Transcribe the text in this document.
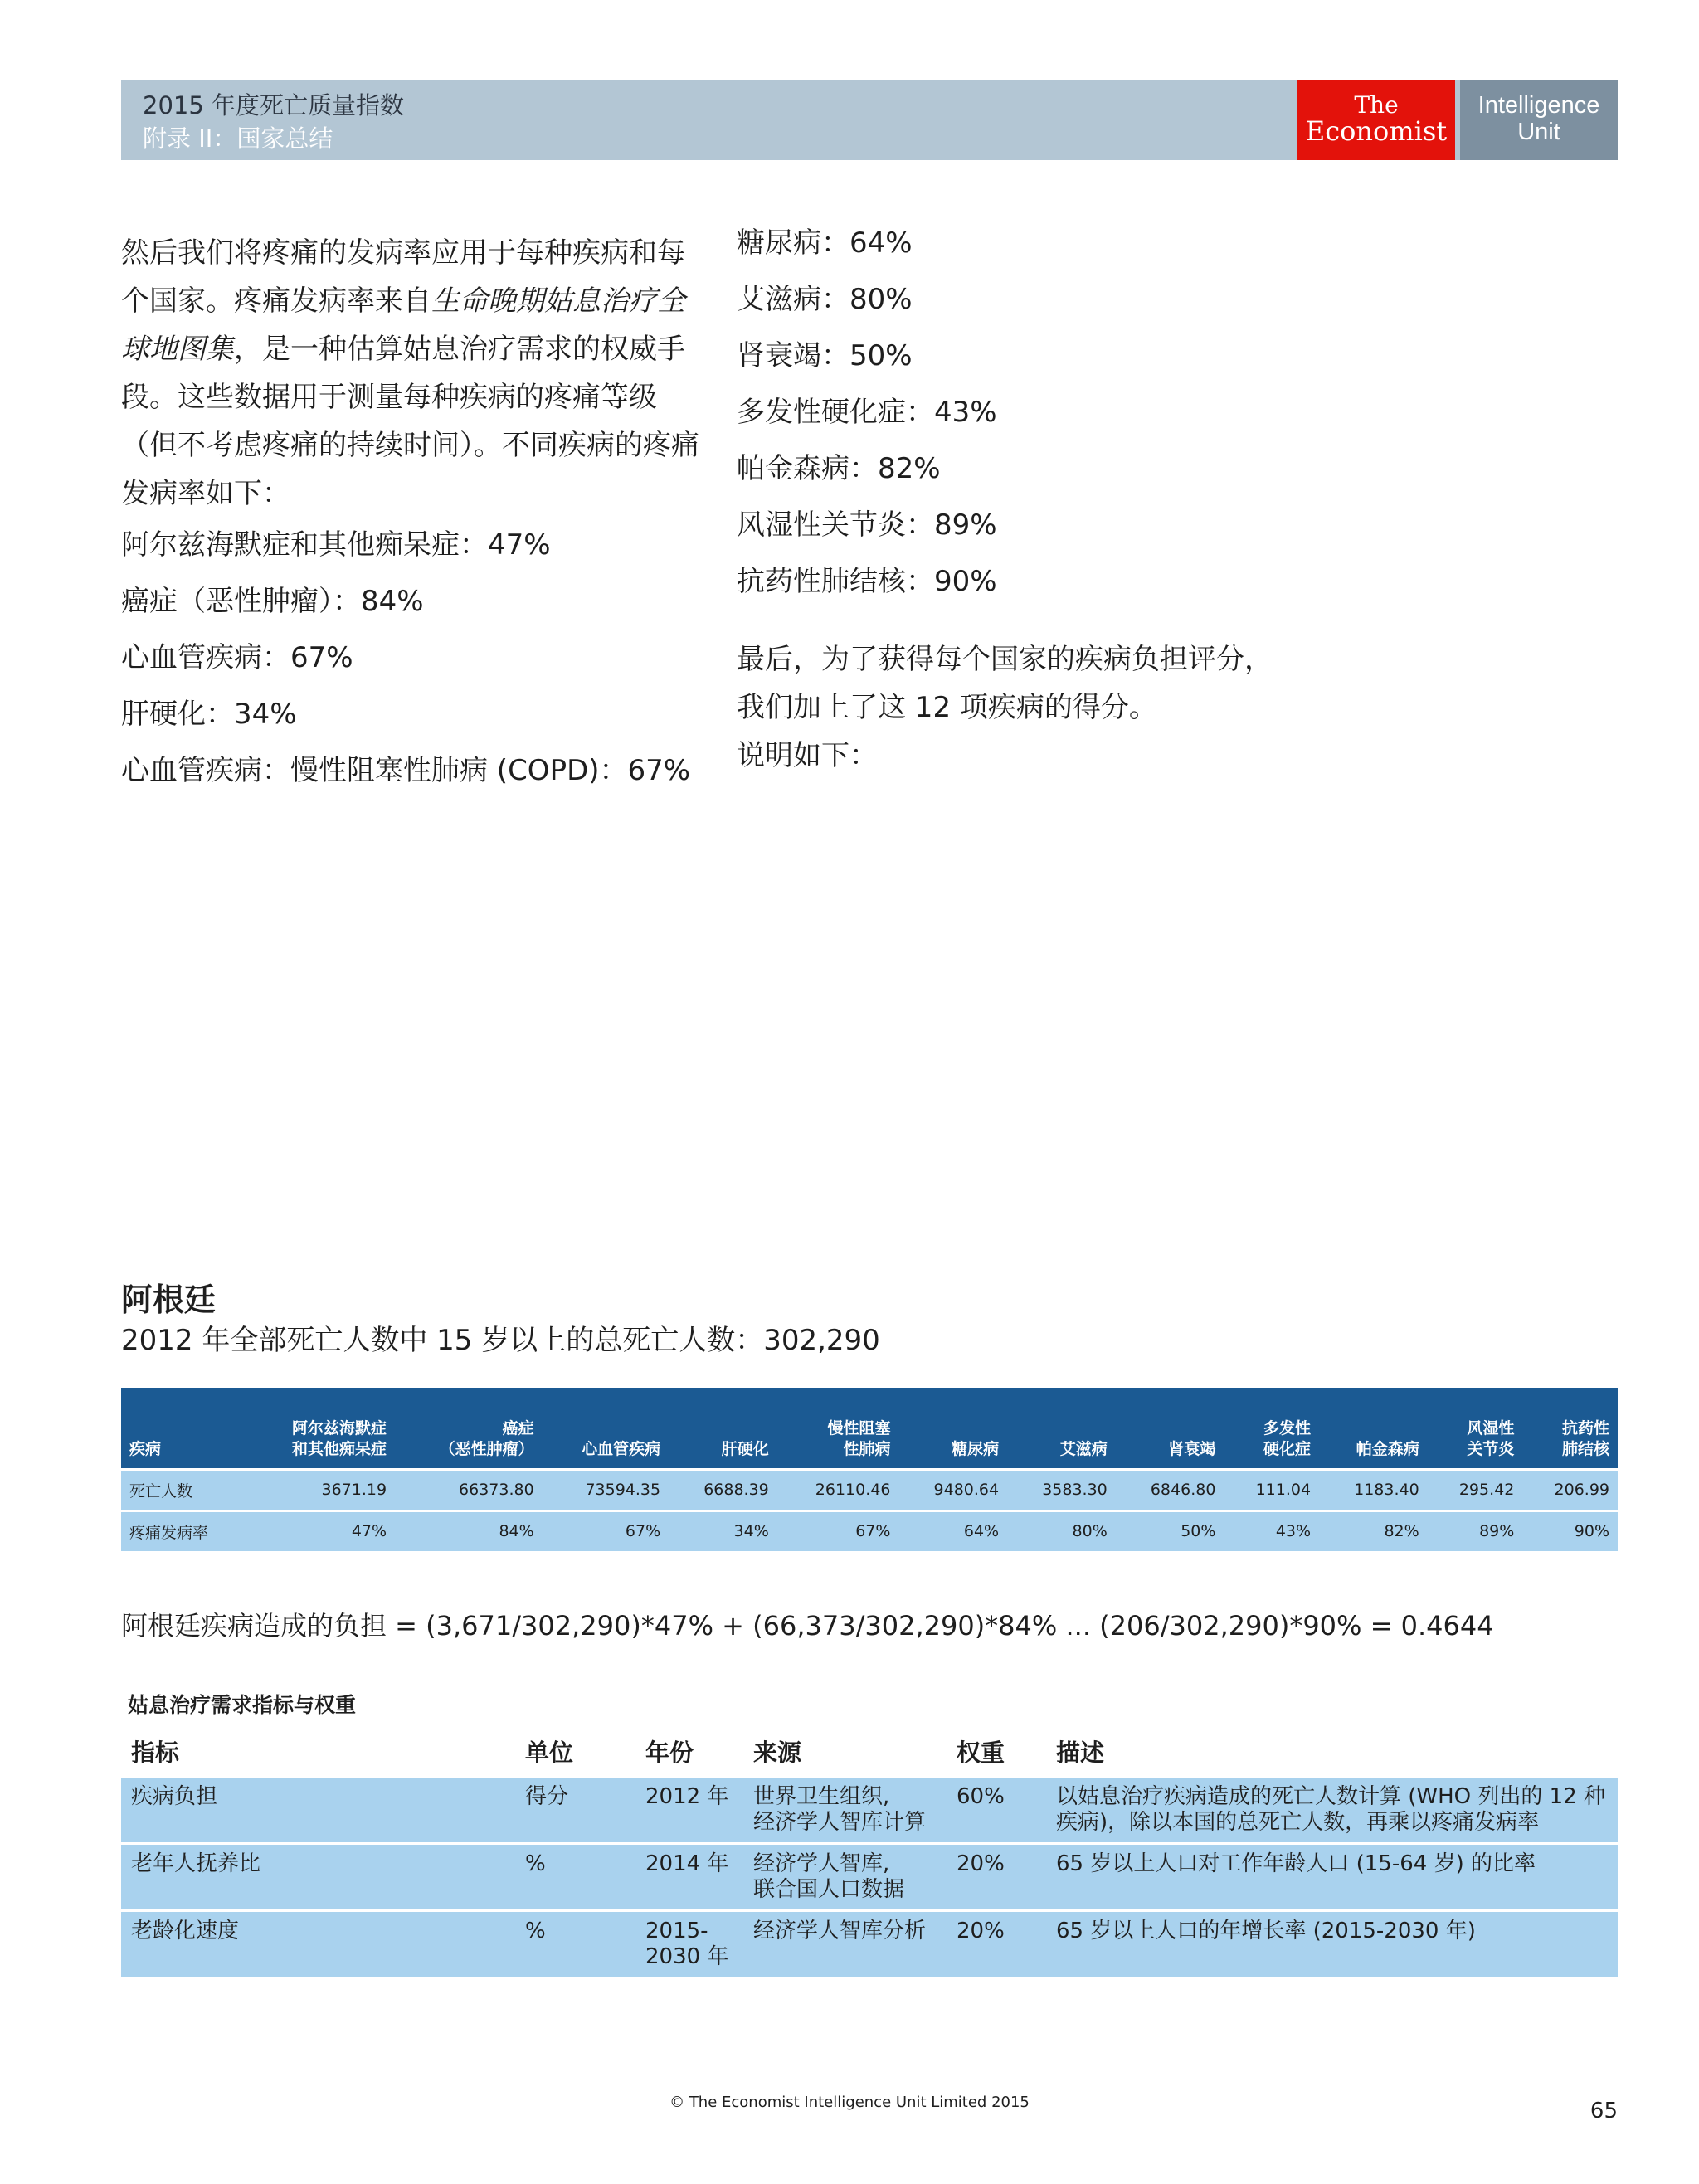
2015 年度死亡质量指数
附录 II：国家总结
The
Economist
Intelligence
Unit

然后我们将疼痛的发病率应用于每种疾病和每个国家。疼痛发病率来自生命晚期姑息治疗全球地图集，是一种估算姑息治疗需求的权威手段。这些数据用于测量每种疾病的疼痛等级（但不考虑疼痛的持续时间）。不同疾病的疼痛发病率如下：

阿尔兹海默症和其他痴呆症：47%

癌症（恶性肿瘤）：84%

心血管疾病：67%

肝硬化：34%

心血管疾病：慢性阻塞性肺病 (COPD)：67%

糖尿病：64%

艾滋病：80%

肾衰竭：50%

多发性硬化症：43%

帕金森病：82%

风湿性关节炎：89%

抗药性肺结核：90%

最后，为了获得每个国家的疾病负担评分，
我们加上了这 12 项疾病的得分。
说明如下：

阿根廷
2012 年全部死亡人数中 15 岁以上的总死亡人数：302,290
疾病	阿尔兹海默症
和其他痴呆症	癌症
（恶性肿瘤）	心血管疾病	肝硬化	慢性阻塞
性肺病	糖尿病	艾滋病	肾衰竭	多发性
硬化症	帕金森病	风湿性
关节炎	抗药性
肺结核

死亡人数	3671.19	66373.80	73594.35	6688.39	26110.46	9480.64	3583.30	6846.80	111.04	1183.40	295.42	206.99
疼痛发病率	47%	84%	67%	34%	67%	64%	80%	50%	43%	82%	89%	90%
阿根廷疾病造成的负担 = (3,671/302,290)*47% + (66,373/302,290)*84% ... (206/302,290)*90% = 0.4644
姑息治疗需求指标与权重
指标	单位	年份	来源	权重	描述
疾病负担	得分	2012 年	世界卫生组织,
经济学人智库计算	60%	以姑息治疗疾病造成的死亡人数计算 (WHO 列出的 12 种
疾病)，除以本国的总死亡人数，再乘以疼痛发病率

老年人抚养比	%	2014 年	经济学人智库,
联合国人口数据	20%	65 岁以上人口对工作年龄人口 (15-64 岁) 的比率

老龄化速度	%	2015-
2030 年	经济学人智库分析	20%	65 岁以上人口的年增长率 (2015-2030 年)
© The Economist Intelligence Unit Limited 2015	65
